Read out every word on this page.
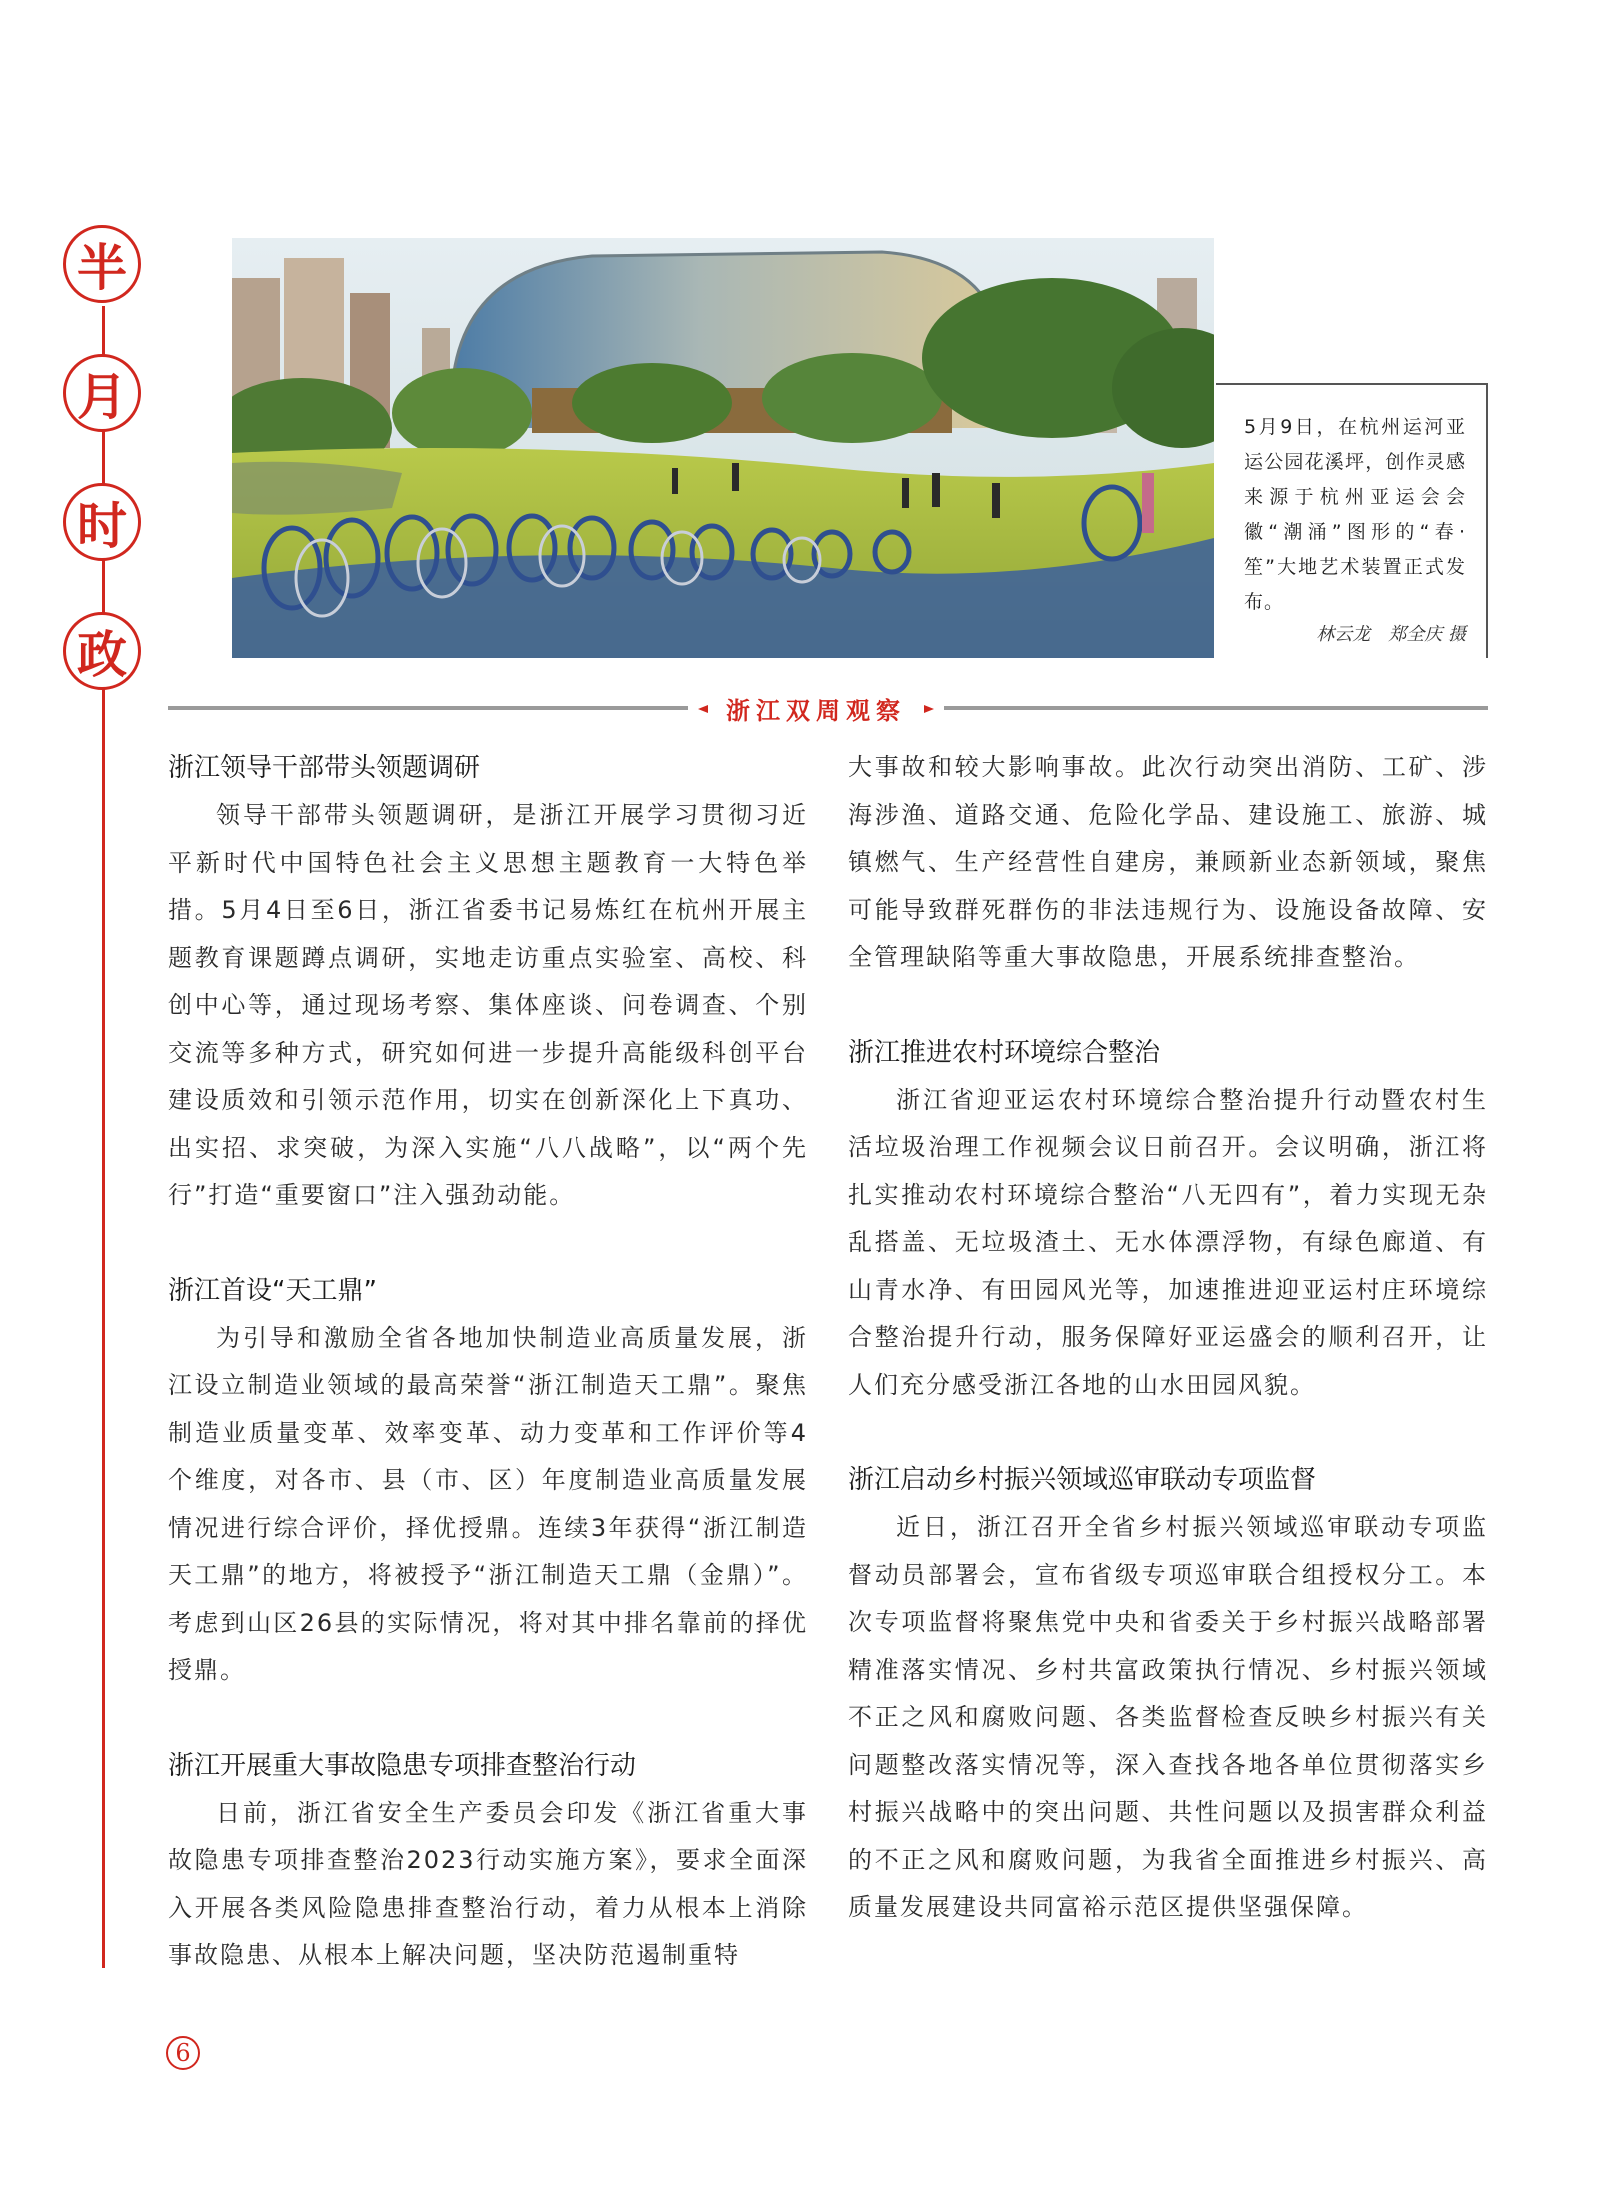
半
月
时
政
5月9日，在杭州运河亚运公园花溪坪，创作灵感来源于杭州亚运会会徽“潮涌”图形的“春·笙”大地艺术装置正式发布。
林云龙　郑全庆 摄
浙江双周观察
浙江领导干部带头领题调研

领导干部带头领题调研，是浙江开展学习贯彻习近平新时代中国特色社会主义思想主题教育一大特色举措。5月4日至6日，浙江省委书记易炼红在杭州开展主题教育课题蹲点调研，实地走访重点实验室、高校、科创中心等，通过现场考察、集体座谈、问卷调查、个别交流等多种方式，研究如何进一步提升高能级科创平台建设质效和引领示范作用，切实在创新深化上下真功、出实招、求突破，为深入实施“八八战略”，以“两个先行”打造“重要窗口”注入强劲动能。

浙江首设“天工鼎”

为引导和激励全省各地加快制造业高质量发展，浙江设立制造业领域的最高荣誉“浙江制造天工鼎”。聚焦制造业质量变革、效率变革、动力变革和工作评价等4个维度，对各市、县（市、区）年度制造业高质量发展情况进行综合评价，择优授鼎。连续3年获得“浙江制造天工鼎”的地方，将被授予“浙江制造天工鼎（金鼎）”。考虑到山区26县的实际情况，将对其中排名靠前的择优授鼎。

浙江开展重大事故隐患专项排查整治行动

日前，浙江省安全生产委员会印发《浙江省重大事故隐患专项排查整治2023行动实施方案》，要求全面深入开展各类风险隐患排查整治行动，着力从根本上消除事故隐患、从根本上解决问题，坚决防范遏制重特

大事故和较大影响事故。此次行动突出消防、工矿、涉海涉渔、道路交通、危险化学品、建设施工、旅游、城镇燃气、生产经营性自建房，兼顾新业态新领域，聚焦可能导致群死群伤的非法违规行为、设施设备故障、安全管理缺陷等重大事故隐患，开展系统排查整治。

浙江推进农村环境综合整治

浙江省迎亚运农村环境综合整治提升行动暨农村生活垃圾治理工作视频会议日前召开。会议明确，浙江将扎实推动农村环境综合整治“八无四有”，着力实现无杂乱搭盖、无垃圾渣土、无水体漂浮物，有绿色廊道、有山青水净、有田园风光等，加速推进迎亚运村庄环境综合整治提升行动，服务保障好亚运盛会的顺利召开，让人们充分感受浙江各地的山水田园风貌。

浙江启动乡村振兴领域巡审联动专项监督

近日，浙江召开全省乡村振兴领域巡审联动专项监督动员部署会，宣布省级专项巡审联合组授权分工。本次专项监督将聚焦党中央和省委关于乡村振兴战略部署精准落实情况、乡村共富政策执行情况、乡村振兴领域不正之风和腐败问题、各类监督检查反映乡村振兴有关问题整改落实情况等，深入查找各地各单位贯彻落实乡村振兴战略中的突出问题、共性问题以及损害群众利益的不正之风和腐败问题，为我省全面推进乡村振兴、高质量发展建设共同富裕示范区提供坚强保障。

6
